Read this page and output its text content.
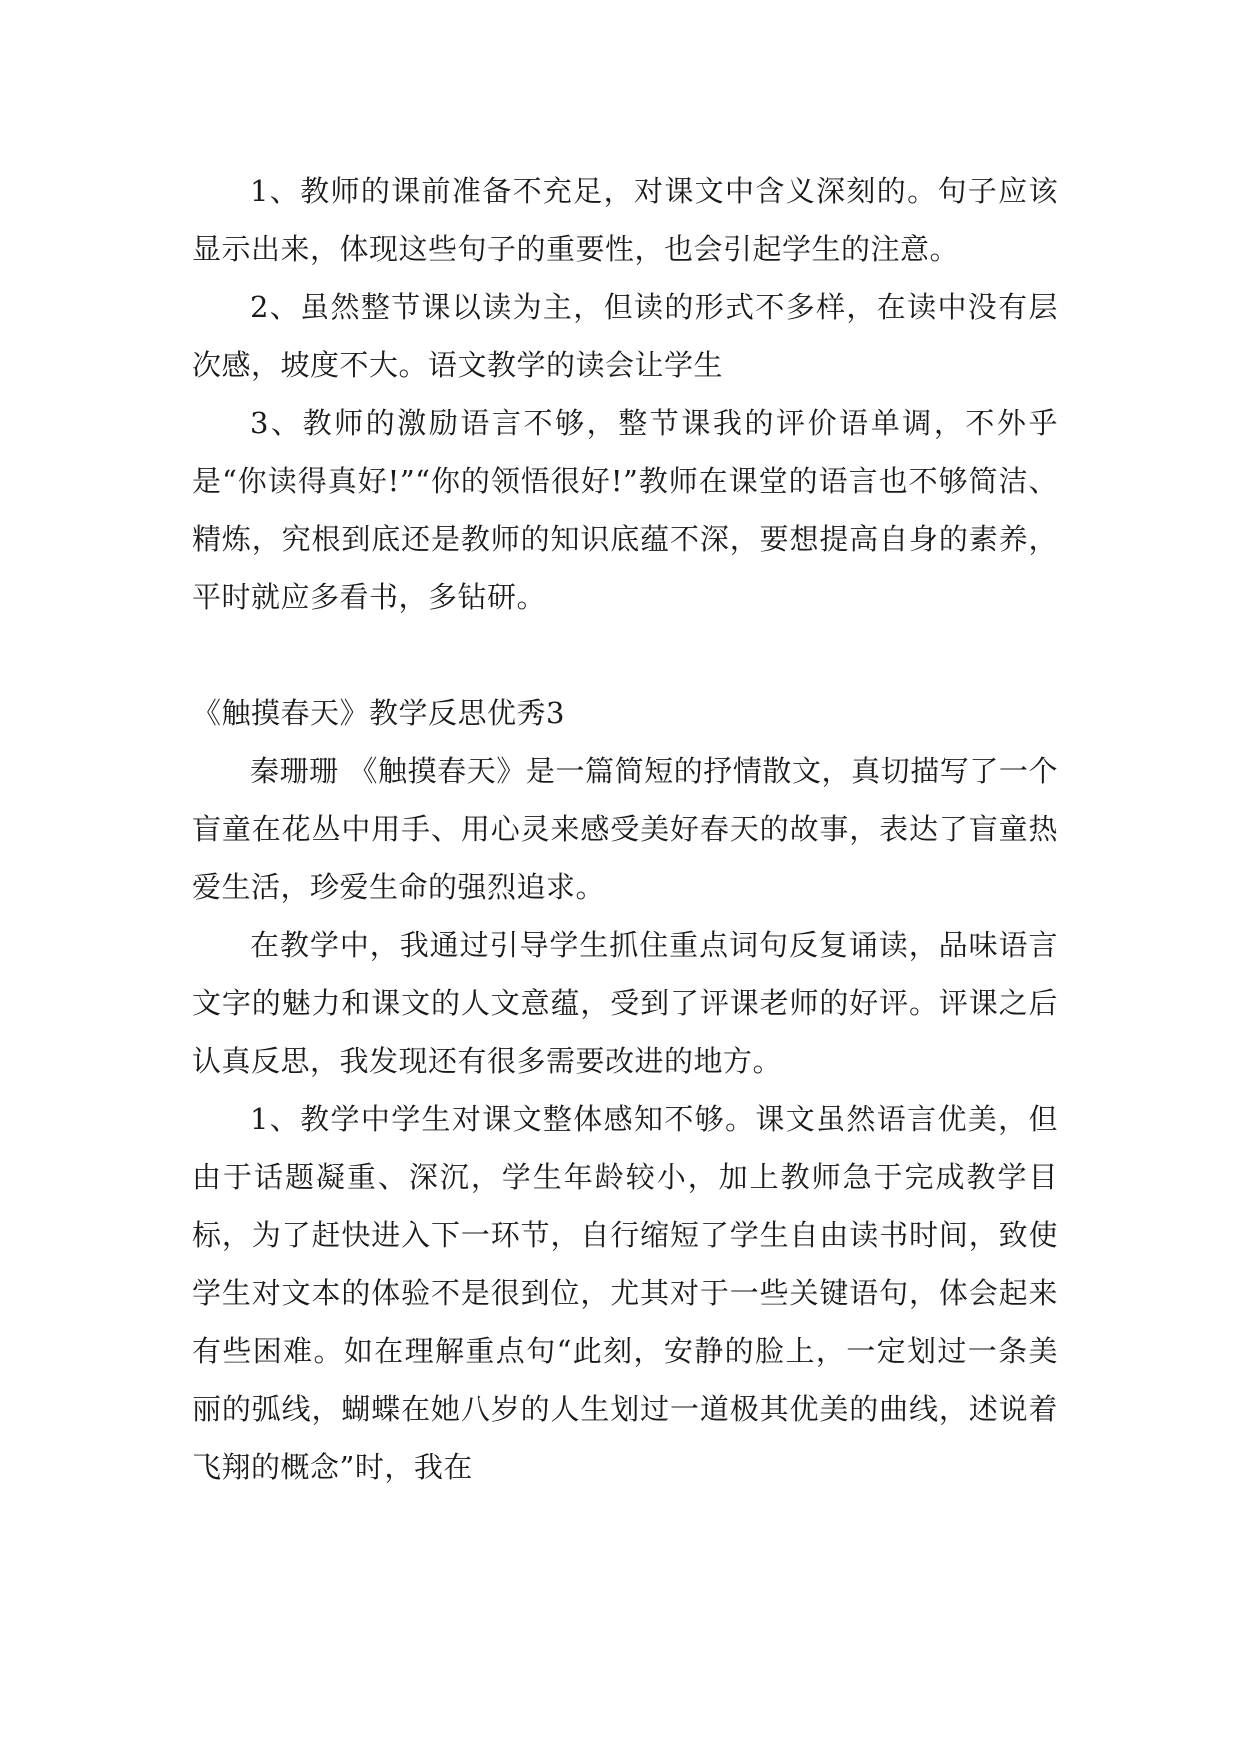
1、教师的课前准备不充足，对课文中含义深刻的。句子应该显示出来，体现这些句子的重要性，也会引起学生的注意。

2、虽然整节课以读为主，但读的形式不多样，在读中没有层次感，坡度不大。语文教学的读会让学生

3、教师的激励语言不够，整节课我的评价语单调，不外乎是“你读得真好!”“你的领悟很好!”教师在课堂的语言也不够简洁、精炼，究根到底还是教师的知识底蕴不深，要想提高自身的素养，平时就应多看书，多钻研。

《触摸春天》教学反思优秀3

秦珊珊 《触摸春天》是一篇简短的抒情散文，真切描写了一个盲童在花丛中用手、用心灵来感受美好春天的故事，表达了盲童热爱生活，珍爱生命的强烈追求。

在教学中，我通过引导学生抓住重点词句反复诵读，品味语言文字的魅力和课文的人文意蕴，受到了评课老师的好评。评课之后认真反思，我发现还有很多需要改进的地方。

1、教学中学生对课文整体感知不够。课文虽然语言优美，但由于话题凝重、深沉，学生年龄较小，加上教师急于完成教学目标，为了赶快进入下一环节，自行缩短了学生自由读书时间，致使学生对文本的体验不是很到位，尤其对于一些关键语句，体会起来有些困难。如在理解重点句“此刻，安静的脸上，一定划过一条美丽的弧线，蝴蝶在她八岁的人生划过一道极其优美的曲线，述说着飞翔的概念”时，我在
